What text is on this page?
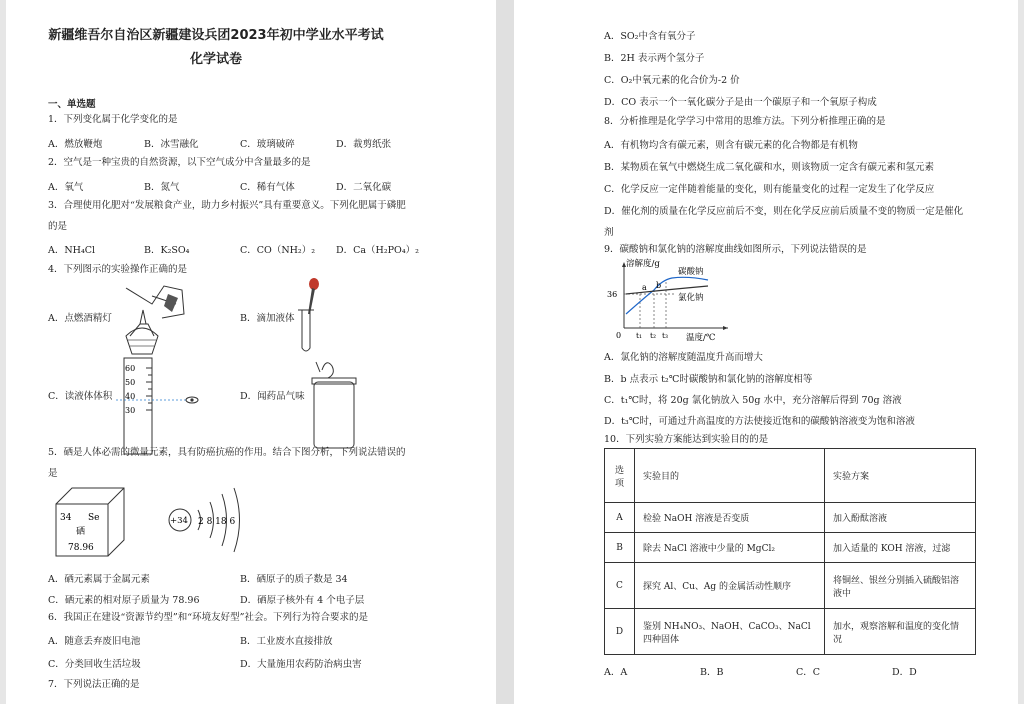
新疆维吾尔自治区新疆建设兵团2023年初中学业水平考试
化学试卷
一、单选题
1．下列变化属于化学变化的是
A．燃放鞭炮	B．冰雪融化	C．玻璃破碎	D．裁剪纸张
2．空气是一种宝贵的自然资源，以下空气成分中含量最多的是
A．氧气	B．氮气	C．稀有气体	D．二氧化碳
3．合理使用化肥对“发展粮食产业，助力乡村振兴”具有重要意义。下列化肥属于磷肥
的是
A．NH₄Cl	B．K₂SO₄	C．CO（NH₂）₂ D．Ca（H₂PO₄）₂
4．下列图示的实验操作正确的是
A．点燃酒精灯	B．滴加液体
C．读液体体积	D．闻药品气味
60
50
40
30
5．硒是人体必需的微量元素，具有防癌抗癌的作用。结合下图分析，下列说法错误的
是
34 Se
硒
78.96
+34 2 8 18 6
A．硒元素属于金属元素	B．硒原子的质子数是 34
C．硒元素的相对原子质量为 78.96	D．硒原子核外有 4 个电子层
6．我国正在建设“资源节约型”和“环境友好型”社会。下列行为符合要求的是
A．随意丢弃废旧电池	B．工业废水直接排放
C．分类回收生活垃圾	D．大量施用农药防治病虫害
7．下列说法正确的是
A．SO₂中含有氧分子
B．2H 表示两个氢分子
C．O₂中氧元素的化合价为-2 价
D．CO 表示一个一氧化碳分子是由一个碳原子和一个氧原子构成
8．分析推理是化学学习中常用的思维方法。下列分析推理正确的是
A．有机物均含有碳元素，则含有碳元素的化合物都是有机物
B．某物质在氧气中燃烧生成二氧化碳和水，则该物质一定含有碳元素和氢元素
C．化学反应一定伴随着能量的变化，则有能量变化的过程一定发生了化学反应
D．催化剂的质量在化学反应前后不变，则在化学反应前后质量不变的物质一定是催化
剂
9．碳酸钠和氯化钠的溶解度曲线如图所示，下列说法错误的是
溶解度/g
温度/℃
0
36
t₁ t₂ t₃
a b
碳酸钠
氯化钠
A．氯化钠的溶解度随温度升高而增大
B．b 点表示 t₂℃时碳酸钠和氯化钠的溶解度相等
C．t₁℃时，将 20g 氯化钠放入 50g 水中，充分溶解后得到 70g 溶液
D．t₃℃时，可通过升高温度的方法使接近饱和的碳酸钠溶液变为饱和溶液
10．下列实验方案能达到实验目的的是
选项	实验目的	实验方案
A	检验 NaOH 溶液是否变质	加入酚酞溶液
B	除去 NaCl 溶液中少量的 MgCl₂	加入适量的 KOH 溶液，过滤
C	探究 Al、Cu、Ag 的金属活动性顺序	将铜丝、银丝分别插入硫酸铝溶液中
D	鉴别 NH₄NO₃、NaOH、CaCO₃、NaCl 四种固体	加水，观察溶解和温度的变化情况
A．A	B．B	C．C	D．D
